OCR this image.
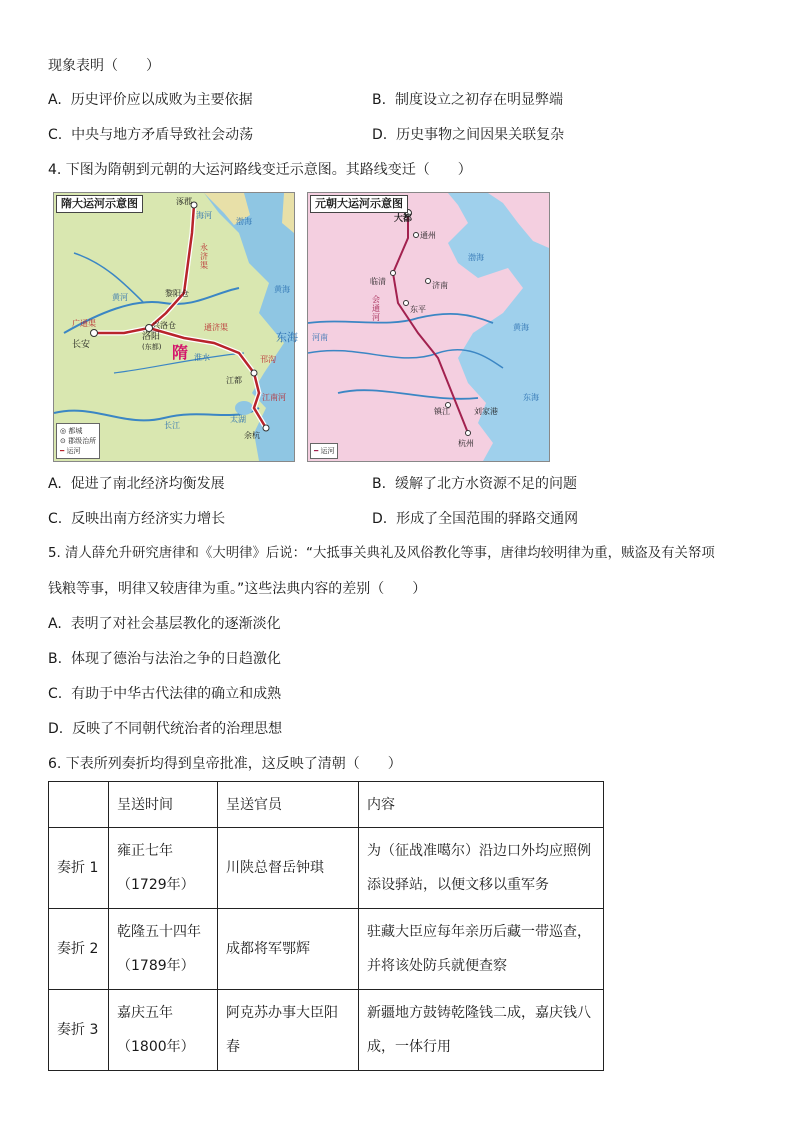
现象表明（　　）
A. 历史评价应以成败为主要依据	B. 制度设立之初存在明显弊端
C. 中央与地方矛盾导致社会动荡	D. 历史事物之间因果关联复杂
4. 下图为隋朝到元朝的大运河路线变迁示意图。其路线变迁（　　）
隋大运河示意图	涿郡
海河
永济渠
黎阳仓
洛阳
(东都)
兴洛仓
长安
广通渠	通济渠
隋	邗沟
江都
江南河
余杭
淮水
太湖
黄河
长江
渤海
黄海
东海
◎ 都城
⊙ 郡级治所
━ 运河
元朝大运河示意图
大都
通州
临清	济南
东平
会通河
河南
镇江	刘家港
杭州
渤海
黄海
东海
━ 运河
A. 促进了南北经济均衡发展	B. 缓解了北方水资源不足的问题
C. 反映出南方经济实力增长	D. 形成了全国范围的驿路交通网
5. 清人薛允升研究唐律和《大明律》后说：“大抵事关典礼及风俗教化等事，唐律均较明律为重，贼盗及有关帑项
钱粮等事，明律又较唐律为重。”这些法典内容的差别（　　）
A. 表明了对社会基层教化的逐渐淡化
B. 体现了德治与法治之争的日趋激化
C. 有助于中华古代法律的确立和成熟
D. 反映了不同朝代统治者的治理思想
6. 下表所列奏折均得到皇帝批准，这反映了清朝（　　）
	呈送时间	呈送官员	内容
奏折 1	雍正七年（1729年）	川陕总督岳钟琪	为（征战准噶尔）沿边口外均应照例添设驿站，以便文移以重军务
奏折 2	乾隆五十四年（1789年）	成都将军鄂辉	驻藏大臣应每年亲历后藏一带巡查，并将该处防兵就便查察
奏折 3	嘉庆五年（1800年）	阿克苏办事大臣阳春	新疆地方鼓铸乾隆钱二成，嘉庆钱八成，一体行用
